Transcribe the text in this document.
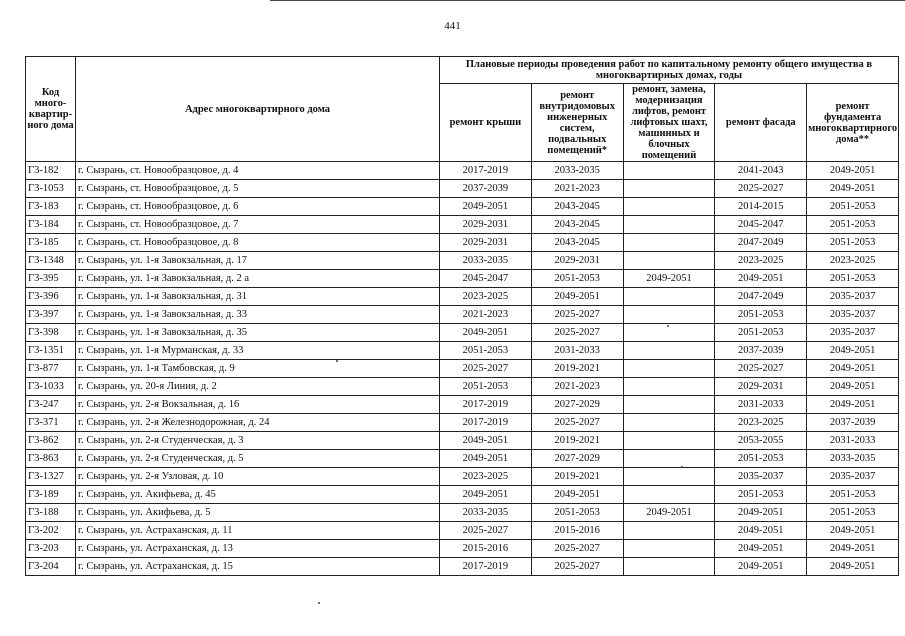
441
Код много-квартир-ного дома	Адрес многоквартирного дома	Плановые периоды проведения работ по капитальному ремонту общего имущества в многоквартирных домах, годы				
		ремонт крыши	ремонт внутридомовых инженерных систем, подвальных помещений*	ремонт, замена, модернизация лифтов, ремонт лифтовых шахт, машинных и блочных помещений	ремонт фасада	ремонт фундамента многоквартирного дома**
Г3-182	г. Сызрань, ст. Новообразцовое, д. 4	2017-2019	2033-2035		2041-2043	2049-2051
Г3-1053	г. Сызрань, ст. Новообразцовое, д. 5	2037-2039	2021-2023		2025-2027	2049-2051
Г3-183	г. Сызрань, ст. Новообразцовое, д. 6	2049-2051	2043-2045		2014-2015	2051-2053
Г3-184	г. Сызрань, ст. Новообразцовое, д. 7	2029-2031	2043-2045		2045-2047	2051-2053
Г3-185	г. Сызрань, ст. Новообразцовое, д. 8	2029-2031	2043-2045		2047-2049	2051-2053
Г3-1348	г. Сызрань, ул. 1-я Завокзальная, д. 17	2033-2035	2029-2031		2023-2025	2023-2025
Г3-395	г. Сызрань, ул. 1-я Завокзальная, д. 2 а	2045-2047	2051-2053	2049-2051	2049-2051	2051-2053
Г3-396	г. Сызрань, ул. 1-я Завокзальная, д. 31	2023-2025	2049-2051		2047-2049	2035-2037
Г3-397	г. Сызрань, ул. 1-я Завокзальная, д. 33	2021-2023	2025-2027		2051-2053	2035-2037
Г3-398	г. Сызрань, ул. 1-я Завокзальная, д. 35	2049-2051	2025-2027		2051-2053	2035-2037
Г3-1351	г. Сызрань, ул. 1-я Мурманская, д. 33	2051-2053	2031-2033		2037-2039	2049-2051
Г3-877	г. Сызрань, ул. 1-я Тамбовская, д. 9	2025-2027	2019-2021		2025-2027	2049-2051
Г3-1033	г. Сызрань, ул. 20-я Линия, д. 2	2051-2053	2021-2023		2029-2031	2049-2051
Г3-247	г. Сызрань, ул. 2-я Вокзальная, д. 16	2017-2019	2027-2029		2031-2033	2049-2051
Г3-371	г. Сызрань, ул. 2-я Железнодорожная, д. 24	2017-2019	2025-2027		2023-2025	2037-2039
Г3-862	г. Сызрань, ул. 2-я Студенческая, д. 3	2049-2051	2019-2021		2053-2055	2031-2033
Г3-863	г. Сызрань, ул. 2-я Студенческая, д. 5	2049-2051	2027-2029		2051-2053	2033-2035
Г3-1327	г. Сызрань, ул. 2-я Узловая, д. 10	2023-2025	2019-2021		2035-2037	2035-2037
Г3-189	г. Сызрань, ул. Акифьева, д. 45	2049-2051	2049-2051		2051-2053	2051-2053
Г3-188	г. Сызрань, ул. Акифьева, д. 5	2033-2035	2051-2053	2049-2051	2049-2051	2051-2053
Г3-202	г. Сызрань, ул. Астраханская, д. 11	2025-2027	2015-2016		2049-2051	2049-2051
Г3-203	г. Сызрань, ул. Астраханская, д. 13	2015-2016	2025-2027		2049-2051	2049-2051
Г3-204	г. Сызрань, ул. Астраханская, д. 15	2017-2019	2025-2027		2049-2051	2049-2051
